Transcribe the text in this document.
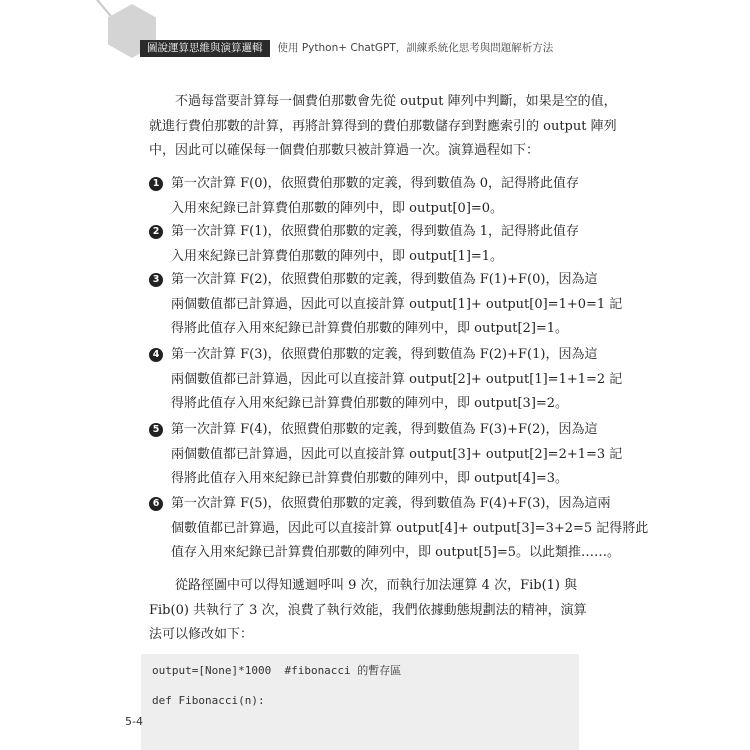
圖說運算思維與演算邏輯	使用 Python+ ChatGPT，訓練系統化思考與問題解析方法
不過每當要計算每一個費伯那數會先從 output 陣列中判斷，如果是空的值，
就進行費伯那數的計算，再將計算得到的費伯那數儲存到對應索引的 output 陣列
中，因此可以確保每一個費伯那數只被計算過一次。演算過程如下：
1 第一次計算 F(0)，依照費伯那數的定義，得到數值為 0，記得將此值存
入用來紀錄已計算費伯那數的陣列中，即 output[0]=0。
2 第一次計算 F(1)，依照費伯那數的定義，得到數值為 1，記得將此值存
入用來紀錄已計算費伯那數的陣列中，即 output[1]=1。
3 第一次計算 F(2)，依照費伯那數的定義，得到數值為 F(1)+F(0)，因為這
兩個數值都已計算過，因此可以直接計算 output[1]+ output[0]=1+0=1 記
得將此值存入用來紀錄已計算費伯那數的陣列中，即 output[2]=1。
4 第一次計算 F(3)，依照費伯那數的定義，得到數值為 F(2)+F(1)，因為這
兩個數值都已計算過，因此可以直接計算 output[2]+ output[1]=1+1=2 記
得將此值存入用來紀錄已計算費伯那數的陣列中，即 output[3]=2。
5 第一次計算 F(4)，依照費伯那數的定義，得到數值為 F(3)+F(2)，因為這
兩個數值都已計算過，因此可以直接計算 output[3]+ output[2]=2+1=3 記
得將此值存入用來紀錄已計算費伯那數的陣列中，即 output[4]=3。
6 第一次計算 F(5)，依照費伯那數的定義，得到數值為 F(4)+F(3)，因為這兩
個數值都已計算過，因此可以直接計算 output[4]+ output[3]=3+2=5 記得將此
值存入用來紀錄已計算費伯那數的陣列中，即 output[5]=5。以此類推……。
從路徑圖中可以得知遞迴呼叫 9 次，而執行加法運算 4 次，Fib(1) 與
Fib(0) 共執行了 3 次，浪費了執行效能，我們依據動態規劃法的精神，演算
法可以修改如下：
output=[None]*1000  #fibonacci 的暫存區
def Fibonacci(n):
5-4
